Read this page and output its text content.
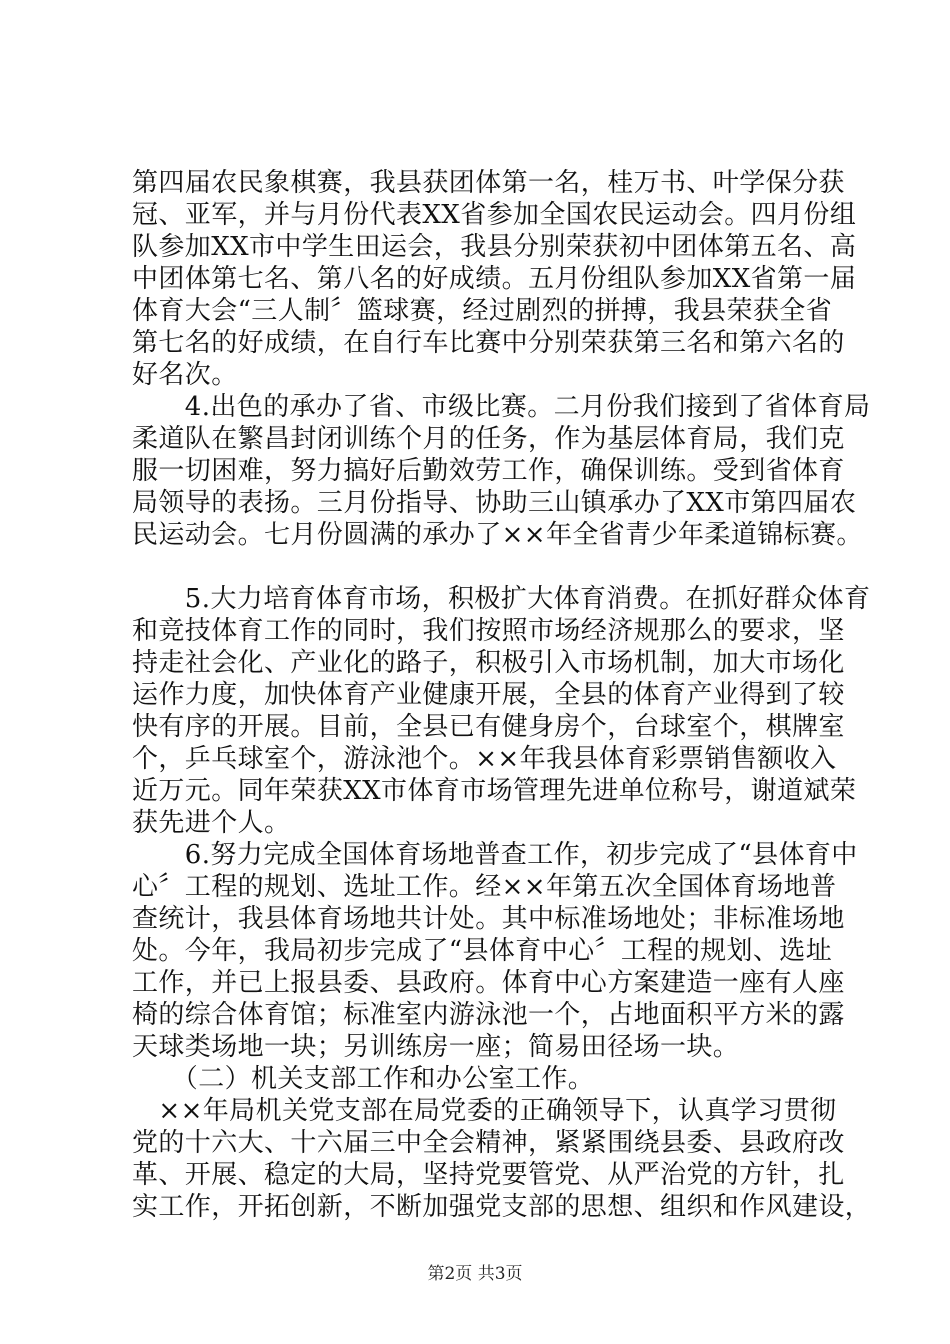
第四届农民象棋赛，我县获团体第一名，桂万书、叶学保分获
冠、亚军，并与月份代表XX省参加全国农民运动会。四月份组
队参加XX市中学生田运会，我县分别荣获初中团体第五名、高
中团体第七名、第八名的好成绩。五月份组队参加XX省第一届
体育大会“三人制〞篮球赛，经过剧烈的拼搏，我县荣获全省
第七名的好成绩，在自行车比赛中分别荣获第三名和第六名的
好名次。
　　4.出色的承办了省、市级比赛。二月份我们接到了省体育局
柔道队在繁昌封闭训练个月的任务，作为基层体育局，我们克
服一切困难，努力搞好后勤效劳工作，确保训练。受到省体育
局领导的表扬。三月份指导、协助三山镇承办了XX市第四届农
民运动会。七月份圆满的承办了××年全省青少年柔道锦标赛。
　　5.大力培育体育市场，积极扩大体育消费。在抓好群众体育
和竞技体育工作的同时，我们按照市场经济规那么的要求，坚
持走社会化、产业化的路子，积极引入市场机制，加大市场化
运作力度，加快体育产业健康开展，全县的体育产业得到了较
快有序的开展。目前，全县已有健身房个，台球室个，棋牌室
个，乒乓球室个，游泳池个。××年我县体育彩票销售额收入
近万元。同年荣获XX市体育市场管理先进单位称号，谢道斌荣
获先进个人。
　　6.努力完成全国体育场地普查工作，初步完成了“县体育中
心〞工程的规划、选址工作。经××年第五次全国体育场地普
查统计，我县体育场地共计处。其中标准场地处；非标准场地
处。今年，我局初步完成了“县体育中心〞工程的规划、选址
工作，并已上报县委、县政府。体育中心方案建造一座有人座
椅的综合体育馆；标准室内游泳池一个，占地面积平方米的露
天球类场地一块；另训练房一座；简易田径场一块。
　　（二）机关支部工作和办公室工作。
　××年局机关党支部在局党委的正确领导下，认真学习贯彻
党的十六大、十六届三中全会精神，紧紧围绕县委、县政府改
革、开展、稳定的大局，坚持党要管党、从严治党的方针，扎
实工作，开拓创新，不断加强党支部的思想、组织和作风建设，
第2页 共3页
